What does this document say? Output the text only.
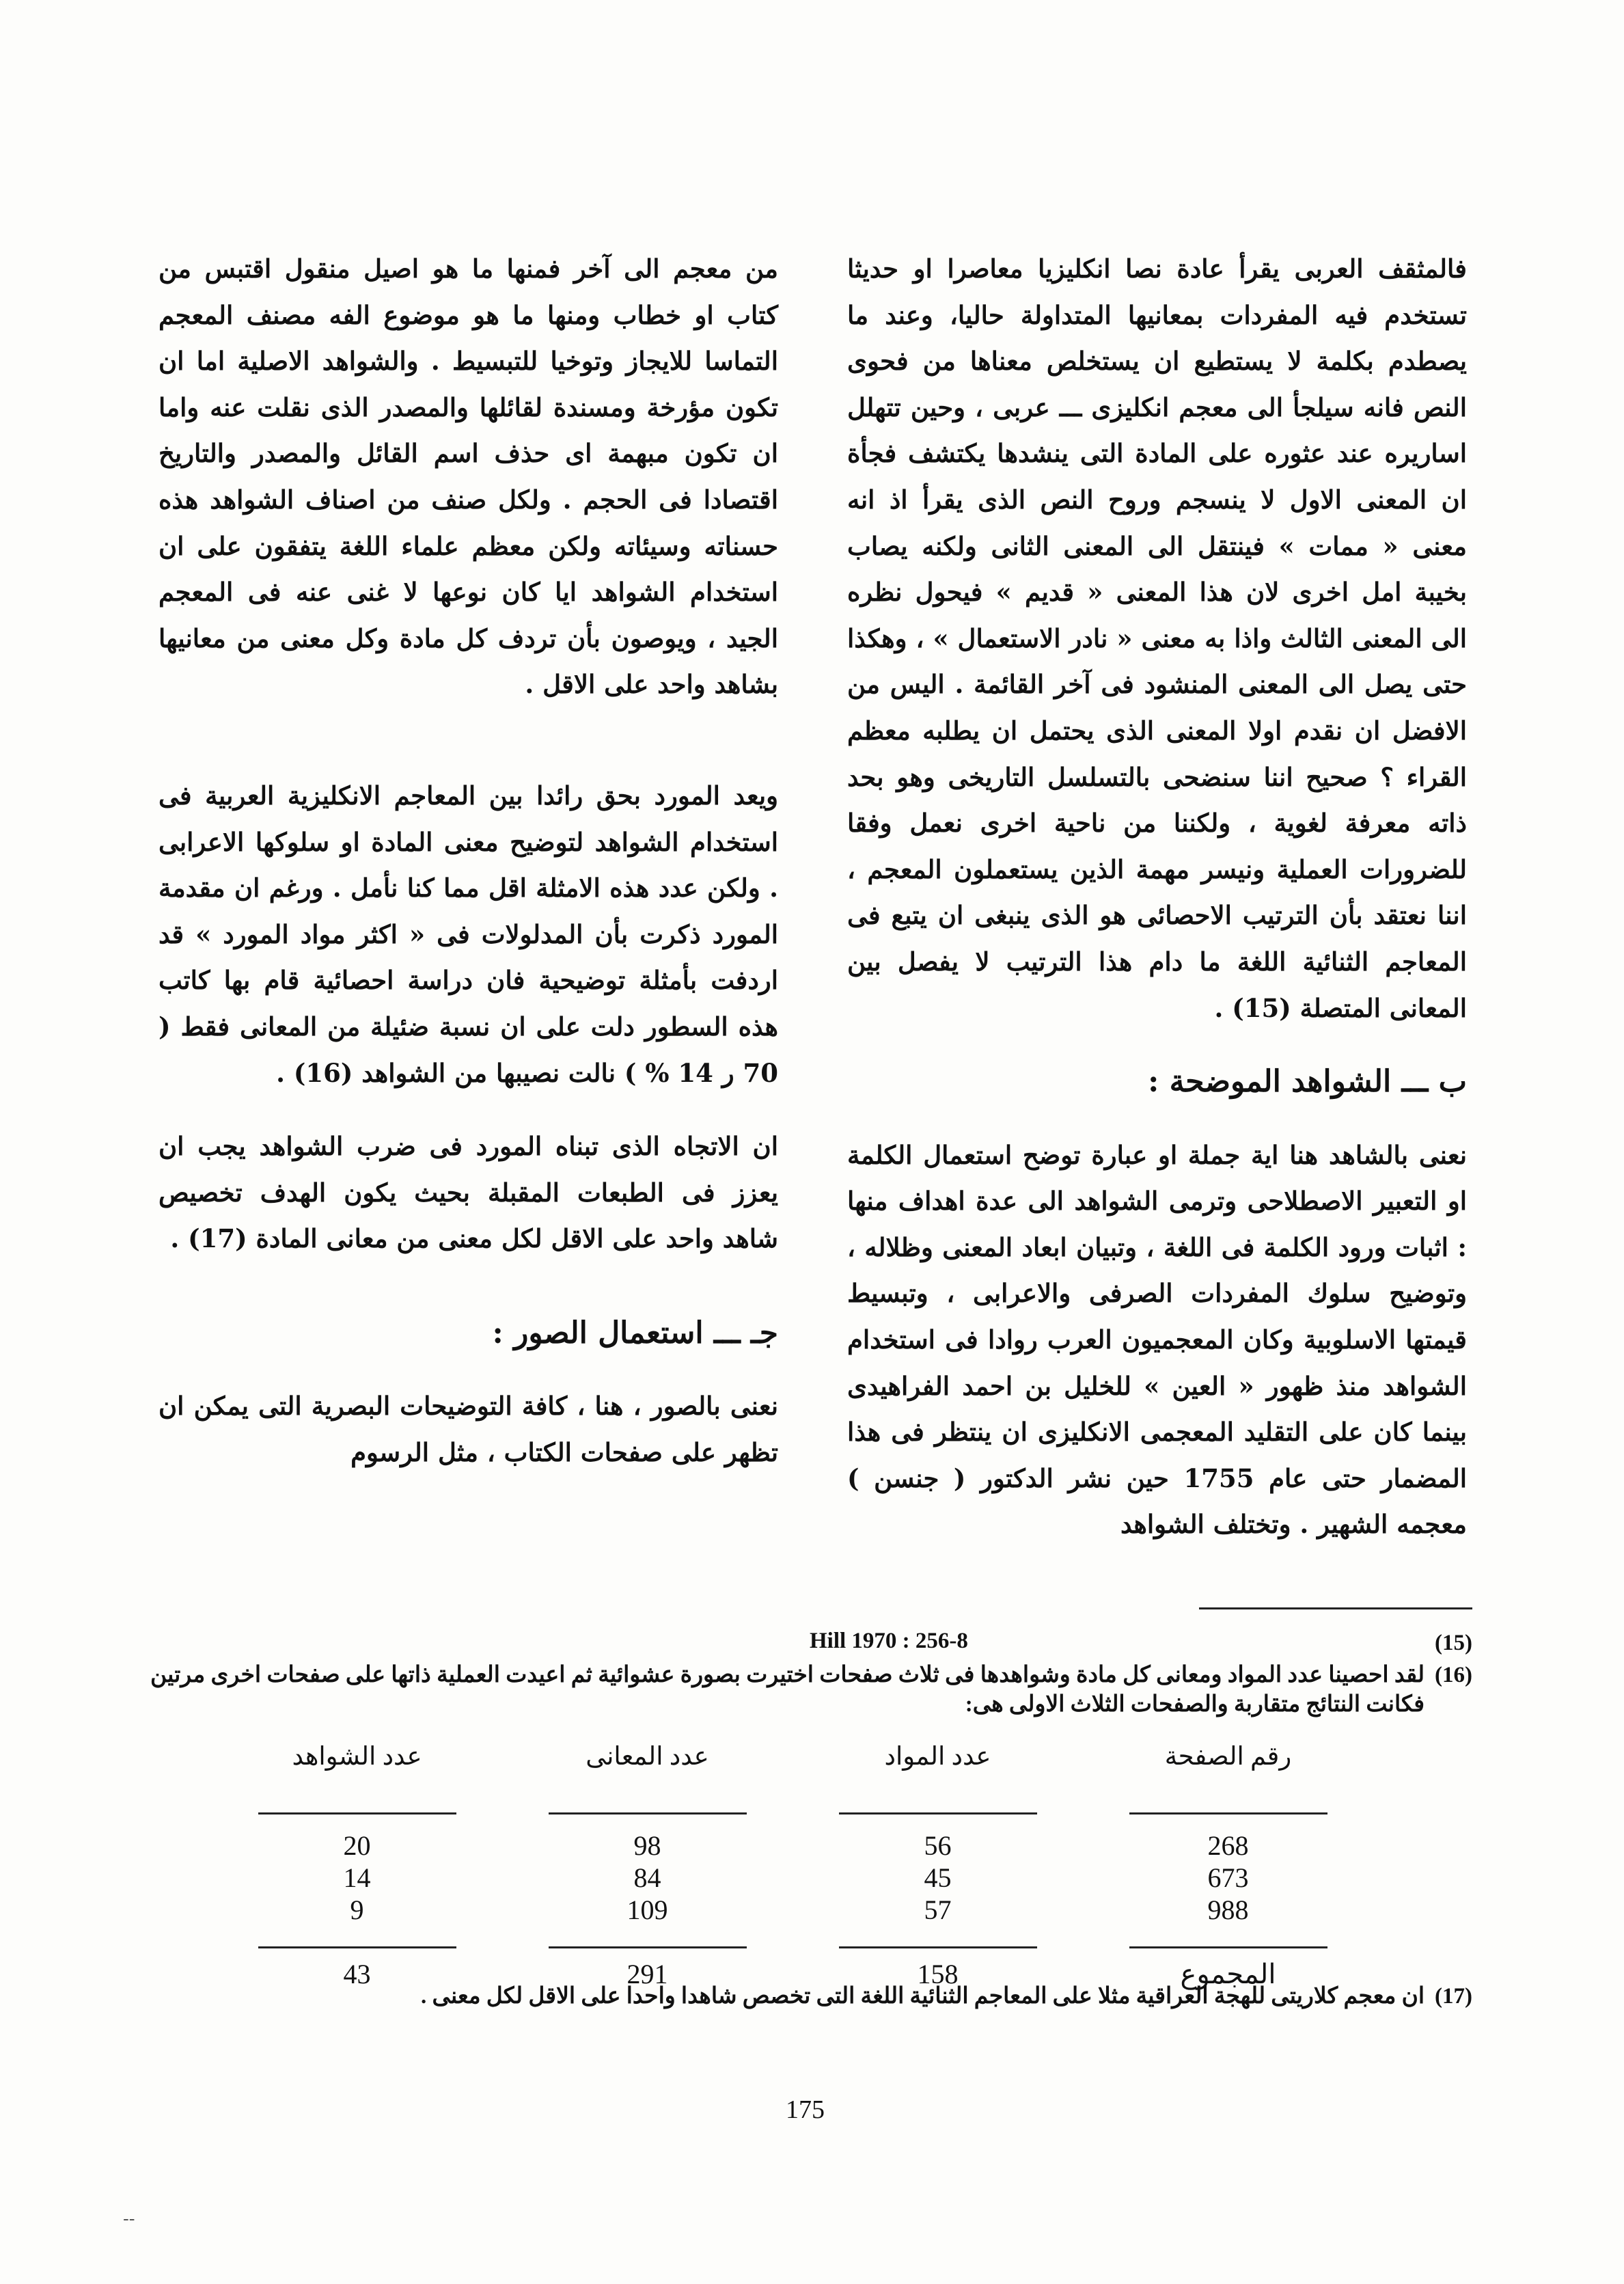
فالمثقف العربى يقرأ عادة نصا انكليزيا معاصرا او حديثا تستخدم فيه المفردات بمعانيها المتداولة حاليا، وعند ما يصطدم بكلمة لا يستطيع ان يستخلص معناها من فحوى النص فانه سيلجأ الى معجم انكليزى ـــ عربى ، وحين تتهلل اساريره عند عثوره على المادة التى ينشدها يكتشف فجأة ان المعنى الاول لا ينسجم وروح النص الذى يقرأ اذ انه معنى « ممات » فينتقل الى المعنى الثانى ولكنه يصاب بخيبة امل اخرى لان هذا المعنى « قديم » فيحول نظره الى المعنى الثالث واذا به معنى « نادر الاستعمال » ، وهكذا حتى يصل الى المعنى المنشود فى آخر القائمة . اليس من الافضل ان نقدم اولا المعنى الذى يحتمل ان يطلبه معظم القراء ؟ صحيح اننا سنضحى بالتسلسل التاريخى وهو بحد ذاته معرفة لغوية ، ولكننا من ناحية اخرى نعمل وفقا للضرورات العملية ونيسر مهمة الذين يستعملون المعجم ، اننا نعتقد بأن الترتيب الاحصائى هو الذى ينبغى ان يتبع فى المعاجم الثنائية اللغة ما دام هذا الترتيب لا يفصل بين المعانى المتصلة (15) .

ب ـــ الشواهد الموضحة :

نعنى بالشاهد هنا اية جملة او عبارة توضح استعمال الكلمة او التعبير الاصطلاحى وترمى الشواهد الى عدة اهداف منها : اثبات ورود الكلمة فى اللغة ، وتبيان ابعاد المعنى وظلاله ، وتوضيح سلوك المفردات الصرفى والاعرابى ، وتبسيط قيمتها الاسلوبية وكان المعجميون العرب روادا فى استخدام الشواهد منذ ظهور « العين » للخليل بن احمد الفراهيدى بينما كان على التقليد المعجمى الانكليزى ان ينتظر فى هذا المضمار حتى عام 1755 حين نشر الدكتور ( جنسن ) معجمه الشهير . وتختلف الشواهد

من معجم الى آخر فمنها ما هو اصيل منقول اقتبس من كتاب او خطاب ومنها ما هو موضوع الفه مصنف المعجم التماسا للايجاز وتوخيا للتبسيط . والشواهد الاصلية اما ان تكون مؤرخة ومسندة لقائلها والمصدر الذى نقلت عنه واما ان تكون مبهمة اى حذف اسم القائل والمصدر والتاريخ اقتصادا فى الحجم . ولكل صنف من اصناف الشواهد هذه حسناته وسيئاته ولكن معظم علماء اللغة يتفقون على ان استخدام الشواهد ايا كان نوعها لا غنى عنه فى المعجم الجيد ، ويوصون بأن تردف كل مادة وكل معنى من معانيها بشاهد واحد على الاقل .

ويعد المورد بحق رائدا بين المعاجم الانكليزية العربية فى استخدام الشواهد لتوضيح معنى المادة او سلوكها الاعرابى . ولكن عدد هذه الامثلة اقل مما كنا نأمل . ورغم ان مقدمة المورد ذكرت بأن المدلولات فى « اكثر مواد المورد » قد اردفت بأمثلة توضيحية فان دراسة احصائية قام بها كاتب هذه السطور دلت على ان نسبة ضئيلة من المعانى فقط ( 70 ر 14 % ) نالت نصيبها من الشواهد (16) .

ان الاتجاه الذى تبناه المورد فى ضرب الشواهد يجب ان يعزز فى الطبعات المقبلة بحيث يكون الهدف تخصيص شاهد واحد على الاقل لكل معنى من معانى المادة (17) .

جـ ـــ استعمال الصور :

نعنى بالصور ، هنا ، كافة التوضيحات البصرية التى يمكن ان تظهر على صفحات الكتاب ، مثل الرسوم

(15)
Hill 1970 : 256-8
(16)
لقد احصينا عدد المواد ومعانى كل مادة وشواهدها فى ثلاث صفحات اختيرت بصورة عشوائية ثم اعيدت العملية ذاتها على صفحات اخرى مرتين فكانت النتائج متقاربة والصفحات الثلاث الاولى هى:
رقم الصفحة	عدد المواد	عدد المعانى	عدد الشواهد

268	56	98	20
673	45	84	14
988	57	109	9

المجموع	158	291	43
(17)
ان معجم كلاريتى للهجة العراقية مثلا على المعاجم الثنائية اللغة التى تخصص شاهدا واحدا على الاقل لكل معنى .
175
--
